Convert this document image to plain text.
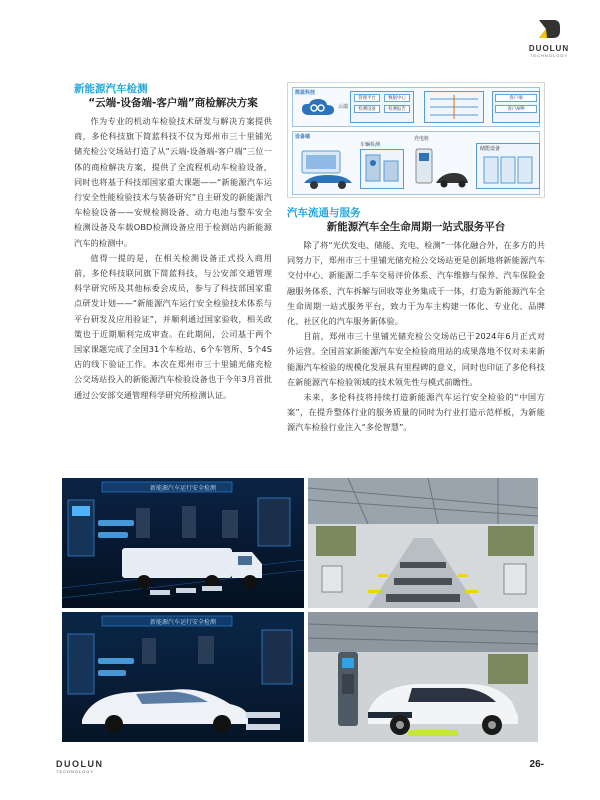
DUOLUN
TECHNOLOGY

新能源汽车检测

“云端-设备端-客户端”商检解决方案

作为专业的机动车检验技术研发与解决方案提供商，多伦科技旗下简蓝科技不仅为郑州市三十里铺光储充检公交场站打造了从“云端-设备端-客户端”三位一体的商检解决方案，提供了全流程机动车检验设备，同时也将基于科技部国家重大课题——“新能源汽车运行安全性能检验技术与装备研究”自主研发的新能源汽车检验设备——安规检测设备、动力电池与整车安全检测设备及车载OBD检测设备应用于检测站内新能源汽车的检测中。

值得一提的是，在相关检测设备正式投入商用前，多伦科技联同旗下简蓝科技，与公安部交通管理科学研究所及其他标委会成员，参与了科技部国家重点研发计划——“新能源汽车运行安全检验技术体系与平台研发及应用验证”，并顺利通过国家验收，相关政策也于近期顺利完成审查。在此期间，公司基于两个国家课题完成了全国31个车检站、6个车管所、5个4S店的线下验证工作。本次在郑州市三十里铺光储充检公交场站投入的新能源汽车检验设备也于今年3月首批通过公安部交通管理科学研究所检测认证。

简蓝科技
设备端
云端
管理平台	数据中心
检测设备	检测报告
客户端
客户APP
车辆检测
充电桩
储能设备

汽车流通与服务

新能源汽车全生命周期一站式服务平台

除了将“光伏发电、储能、充电、检测”一体化融合外，在多方的共同努力下，郑州市三十里铺光储充检公交场站更是创新地将新能源汽车交付中心、新能源二手车交易评价体系、汽车维修与保养、汽车保险金融服务体系、汽车拆解与回收等业务集成于一体，打造为新能源汽车全生命周期一站式服务平台，致力于为车主构建一体化、专业化、品牌化、社区化的汽车服务新体验。

目前，郑州市三十里铺光储充检公交场站已于2024年6月正式对外运营。全国首家新能源汽车安全检验商用站的成果落地不仅对未来新能源汽车检验的规模化发展具有里程碑的意义，同时也印证了多伦科技在新能源汽车检验领域的技术领先性与模式前瞻性。

未来，多伦科技将持续打造新能源汽车运行安全检验的“中国方案”，在提升整体行业的服务质量的同时为行业打造示范样板，为新能源汽车检验行业注入“多伦智慧”。

新能源汽车运行安全检测
新能源汽车运行安全检测
DUOLUN
TECHNOLOGY
26-
